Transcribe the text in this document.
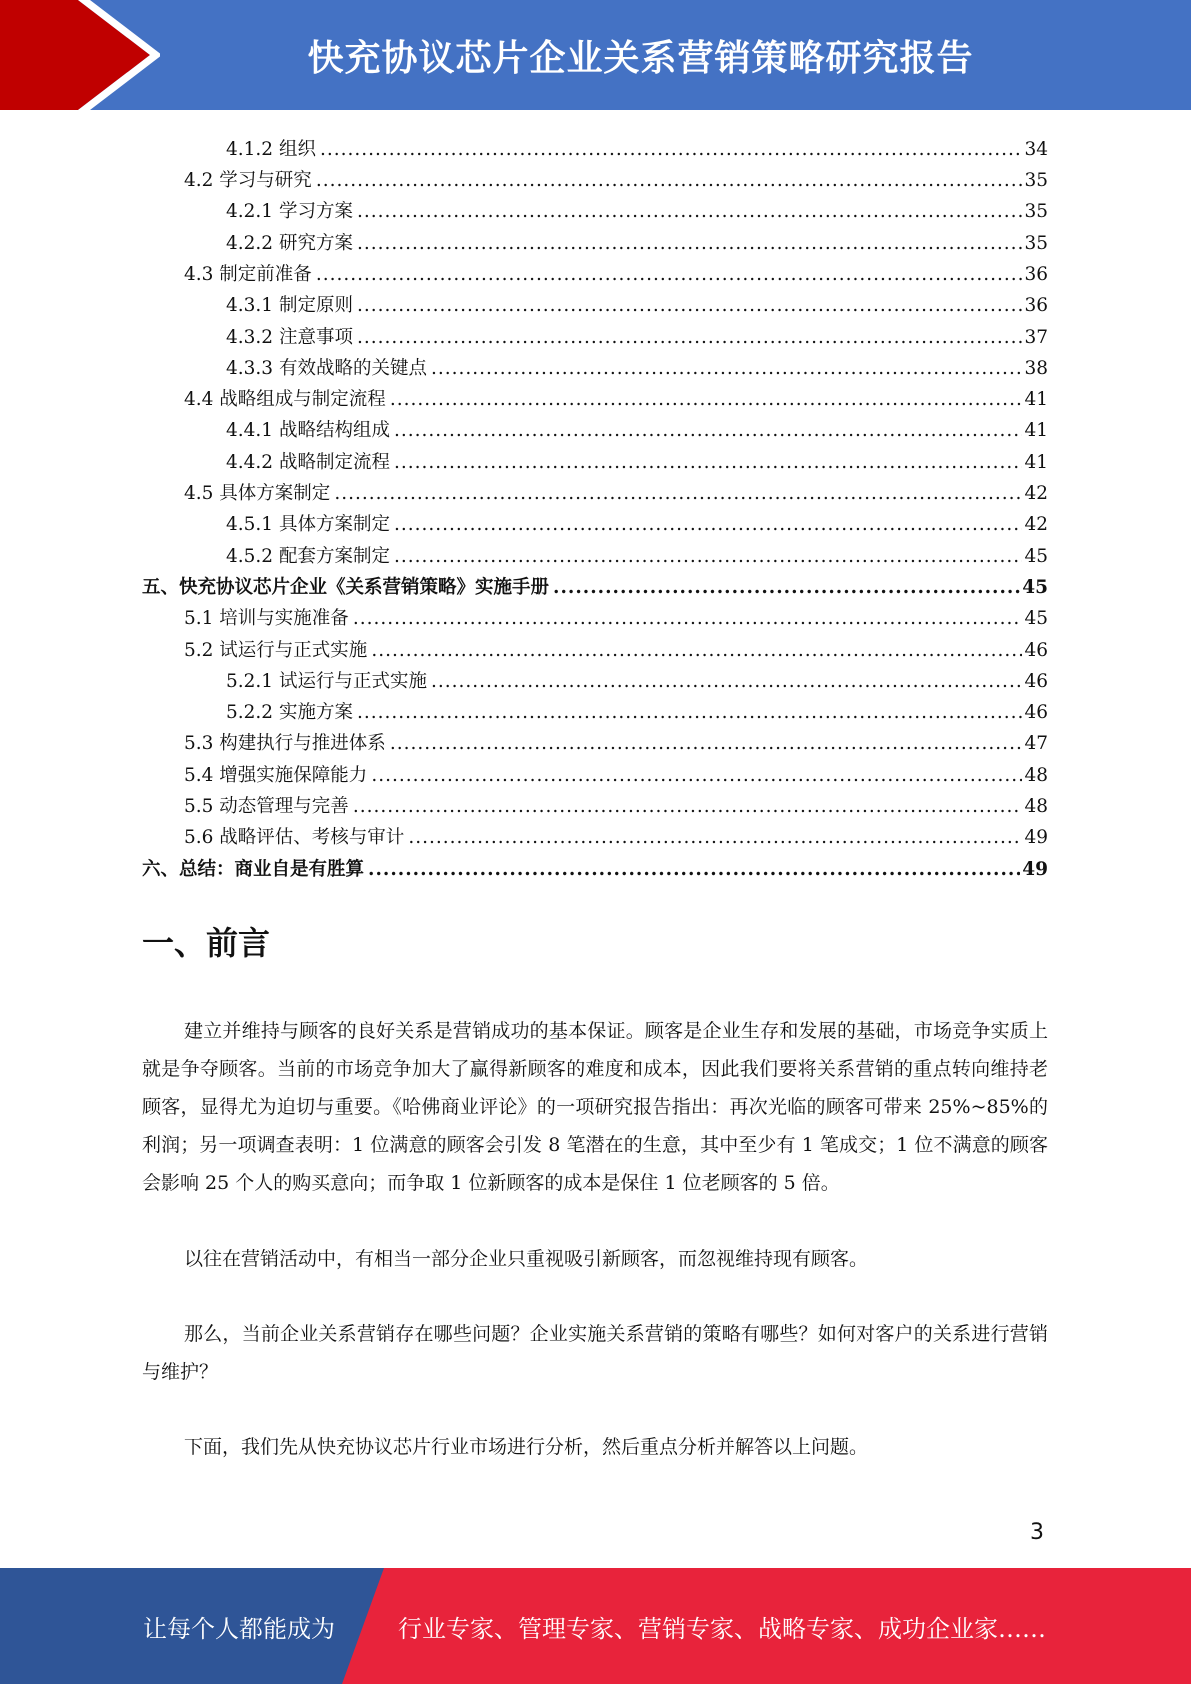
快充协议芯片企业关系营销策略研究报告
4.1.2 组织 .....	34
4.2 学习与研究 .....	35
4.2.1 学习方案 .....	35
4.2.2 研究方案 .....	35
4.3 制定前准备 .....	36
4.3.1 制定原则 .....	36
4.3.2 注意事项 .....	37
4.3.3 有效战略的关键点 .....	38
4.4 战略组成与制定流程 .....	41
4.4.1 战略结构组成 .....	41
4.4.2 战略制定流程 .....	41
4.5 具体方案制定 .....	42
4.5.1 具体方案制定 .....	42
4.5.2 配套方案制定 .....	45
五、快充协议芯片企业《关系营销策略》实施手册 .....	45
5.1 培训与实施准备 .....	45
5.2 试运行与正式实施 .....	46
5.2.1 试运行与正式实施 .....	46
5.2.2 实施方案 .....	46
5.3 构建执行与推进体系 .....	47
5.4 增强实施保障能力 .....	48
5.5 动态管理与完善 .....	48
5.6 战略评估、考核与审计 .....	49
六、总结：商业自是有胜算 .....	49
一、前言

建立并维持与顾客的良好关系是营销成功的基本保证。顾客是企业生存和发展的基础，市场竞争实质上就是争夺顾客。当前的市场竞争加大了赢得新顾客的难度和成本，因此我们要将关系营销的重点转向维持老顾客，显得尤为迫切与重要。《哈佛商业评论》的一项研究报告指出：再次光临的顾客可带来 25%~85%的利润；另一项调查表明：1 位满意的顾客会引发 8 笔潜在的生意，其中至少有 1 笔成交；1 位不满意的顾客会影响 25 个人的购买意向；而争取 1 位新顾客的成本是保住 1 位老顾客的 5 倍。

以往在营销活动中，有相当一部分企业只重视吸引新顾客，而忽视维持现有顾客。

那么，当前企业关系营销存在哪些问题？企业实施关系营销的策略有哪些？如何对客户的关系进行营销与维护？

下面，我们先从快充协议芯片行业市场进行分析，然后重点分析并解答以上问题。

3
让每个人都能成为	行业专家、管理专家、营销专家、战略专家、成功企业家……
